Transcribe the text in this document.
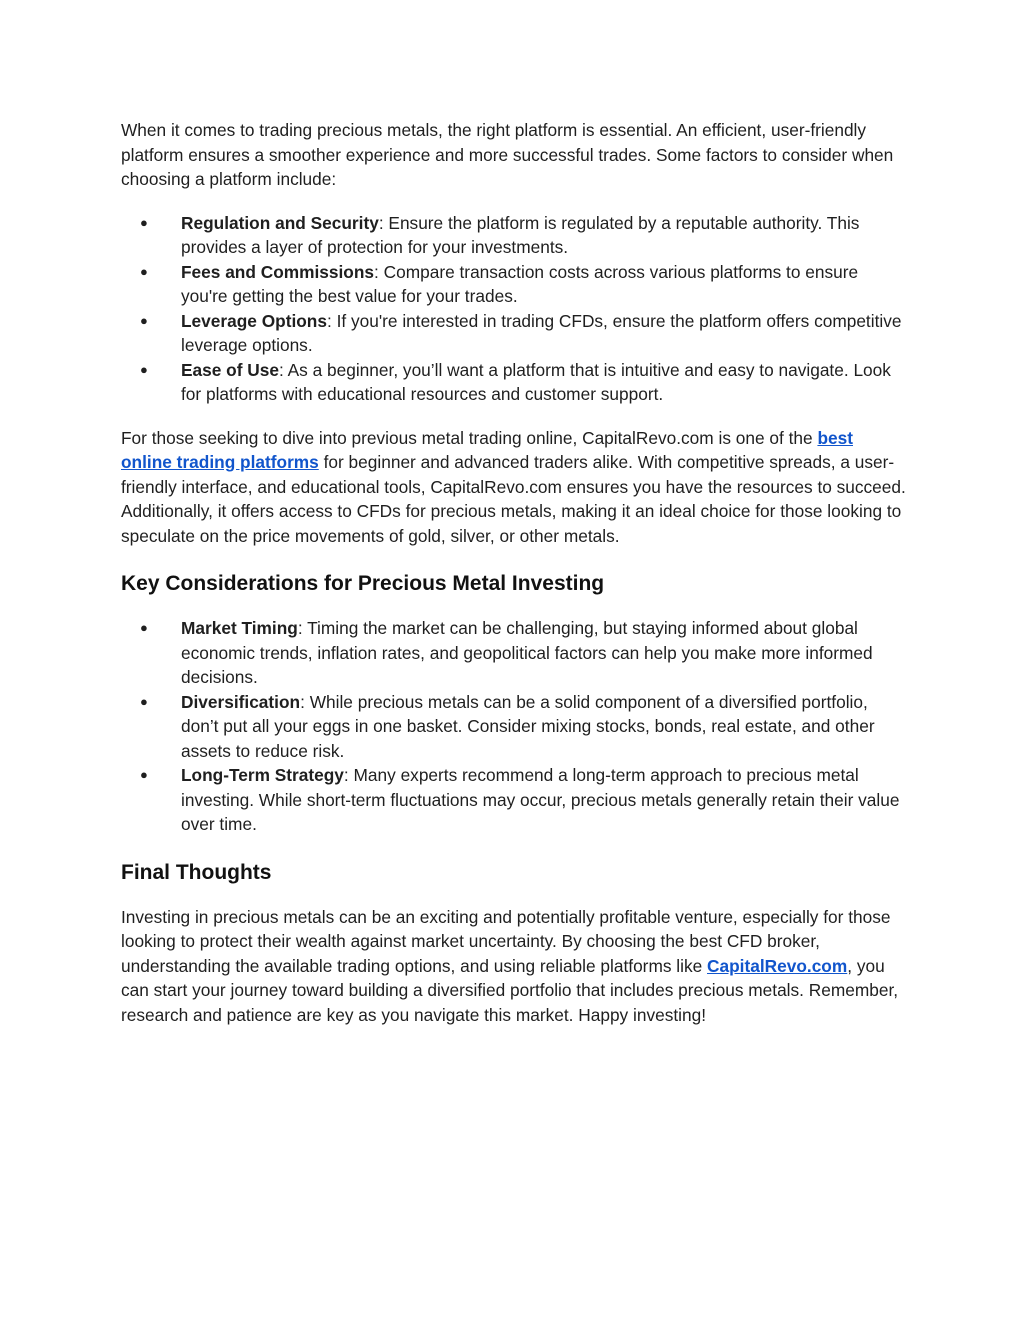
When it comes to trading precious metals, the right platform is essential. An efficient, user-friendly platform ensures a smoother experience and more successful trades. Some factors to consider when choosing a platform include:

● Regulation and Security: Ensure the platform is regulated by a reputable authority. This provides a layer of protection for your investments.
● Fees and Commissions: Compare transaction costs across various platforms to ensure you're getting the best value for your trades.
● Leverage Options: If you're interested in trading CFDs, ensure the platform offers competitive leverage options.
● Ease of Use: As a beginner, you’ll want a platform that is intuitive and easy to navigate. Look for platforms with educational resources and customer support.

For those seeking to dive into previous metal trading online, CapitalRevo.com is one of the best online trading platforms for beginner and advanced traders alike. With competitive spreads, a user-friendly interface, and educational tools, CapitalRevo.com ensures you have the resources to succeed. Additionally, it offers access to CFDs for precious metals, making it an ideal choice for those looking to speculate on the price movements of gold, silver, or other metals.

Key Considerations for Precious Metal Investing
● Market Timing: Timing the market can be challenging, but staying informed about global economic trends, inflation rates, and geopolitical factors can help you make more informed decisions.
● Diversification: While precious metals can be a solid component of a diversified portfolio, don’t put all your eggs in one basket. Consider mixing stocks, bonds, real estate, and other assets to reduce risk.
● Long-Term Strategy: Many experts recommend a long-term approach to precious metal investing. While short-term fluctuations may occur, precious metals generally retain their value over time.
Final Thoughts

Investing in precious metals can be an exciting and potentially profitable venture, especially for those looking to protect their wealth against market uncertainty. By choosing the best CFD broker, understanding the available trading options, and using reliable platforms like CapitalRevo.com, you can start your journey toward building a diversified portfolio that includes precious metals. Remember, research and patience are key as you navigate this market. Happy investing!
